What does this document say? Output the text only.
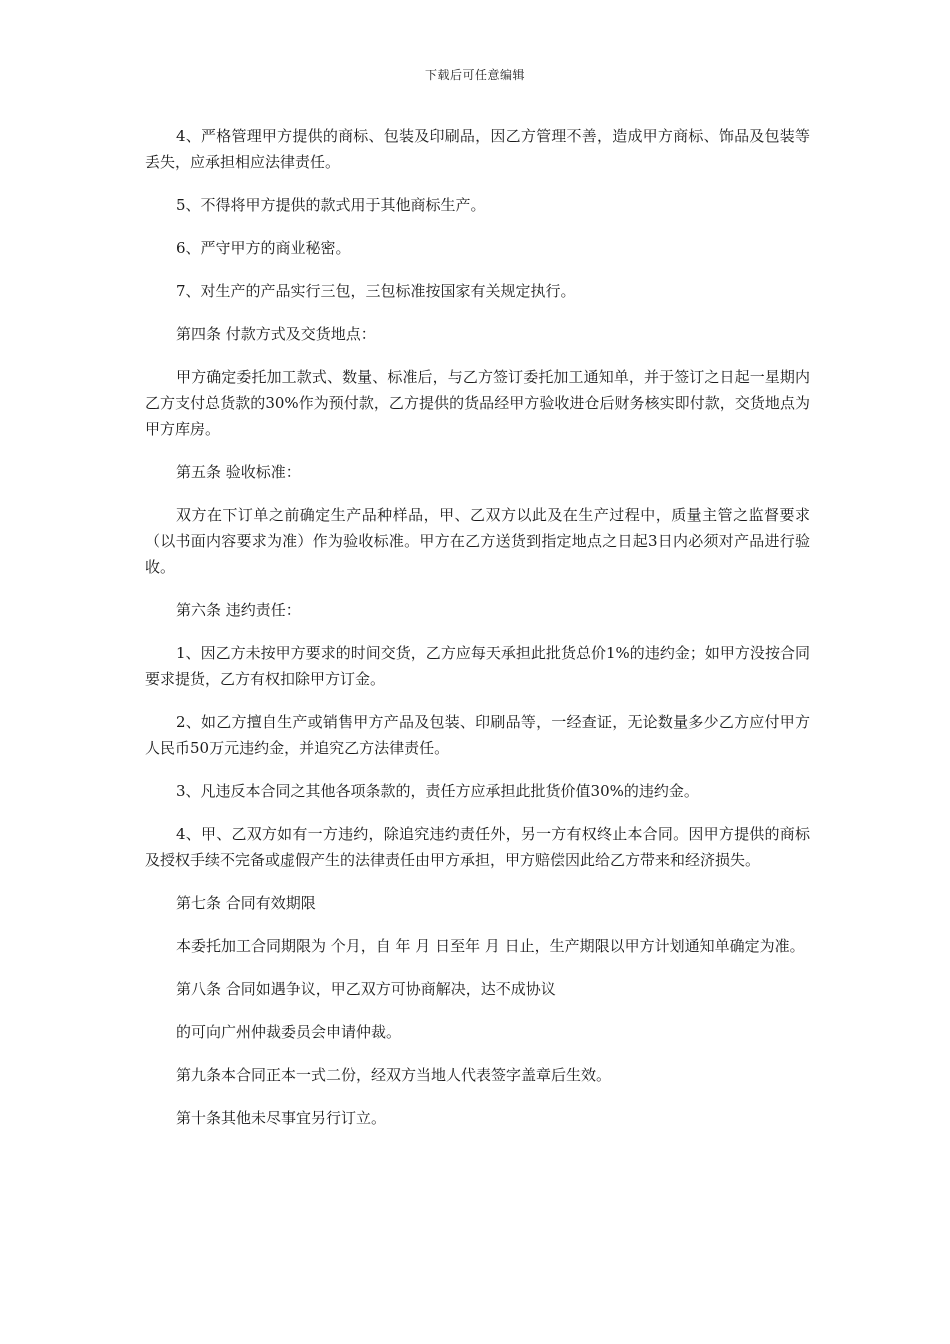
下载后可任意编辑

4、严格管理甲方提供的商标、包装及印刷品，因乙方管理不善，造成甲方商标、饰品及包装等丢失，应承担相应法律责任。

5、不得将甲方提供的款式用于其他商标生产。

6、严守甲方的商业秘密。

7、对生产的产品实行三包，三包标准按国家有关规定执行。

第四条 付款方式及交货地点：

甲方确定委托加工款式、数量、标准后，与乙方签订委托加工通知单，并于签订之日起一星期内乙方支付总货款的30%作为预付款，乙方提供的货品经甲方验收进仓后财务核实即付款，交货地点为甲方库房。

第五条 验收标准：

双方在下订单之前确定生产品种样品，甲、乙双方以此及在生产过程中，质量主管之监督要求（以书面内容要求为准）作为验收标准。甲方在乙方送货到指定地点之日起3日内必须对产品进行验收。

第六条 违约责任：

1、因乙方未按甲方要求的时间交货，乙方应每天承担此批货总价1%的违约金；如甲方没按合同要求提货，乙方有权扣除甲方订金。

2、如乙方擅自生产或销售甲方产品及包装、印刷品等，一经查证，无论数量多少乙方应付甲方人民币50万元违约金，并追究乙方法律责任。

3、凡违反本合同之其他各项条款的，责任方应承担此批货价值30%的违约金。

4、甲、乙双方如有一方违约，除追究违约责任外，另一方有权终止本合同。因甲方提供的商标及授权手续不完备或虚假产生的法律责任由甲方承担，甲方赔偿因此给乙方带来和经济损失。

第七条 合同有效期限

本委托加工合同期限为 个月，自 年 月 日至年 月 日止，生产期限以甲方计划通知单确定为准。

第八条 合同如遇争议，甲乙双方可协商解决，达不成协议

的可向广州仲裁委员会申请仲裁。

第九条本合同正本一式二份，经双方当地人代表签字盖章后生效。

第十条其他未尽事宜另行订立。
